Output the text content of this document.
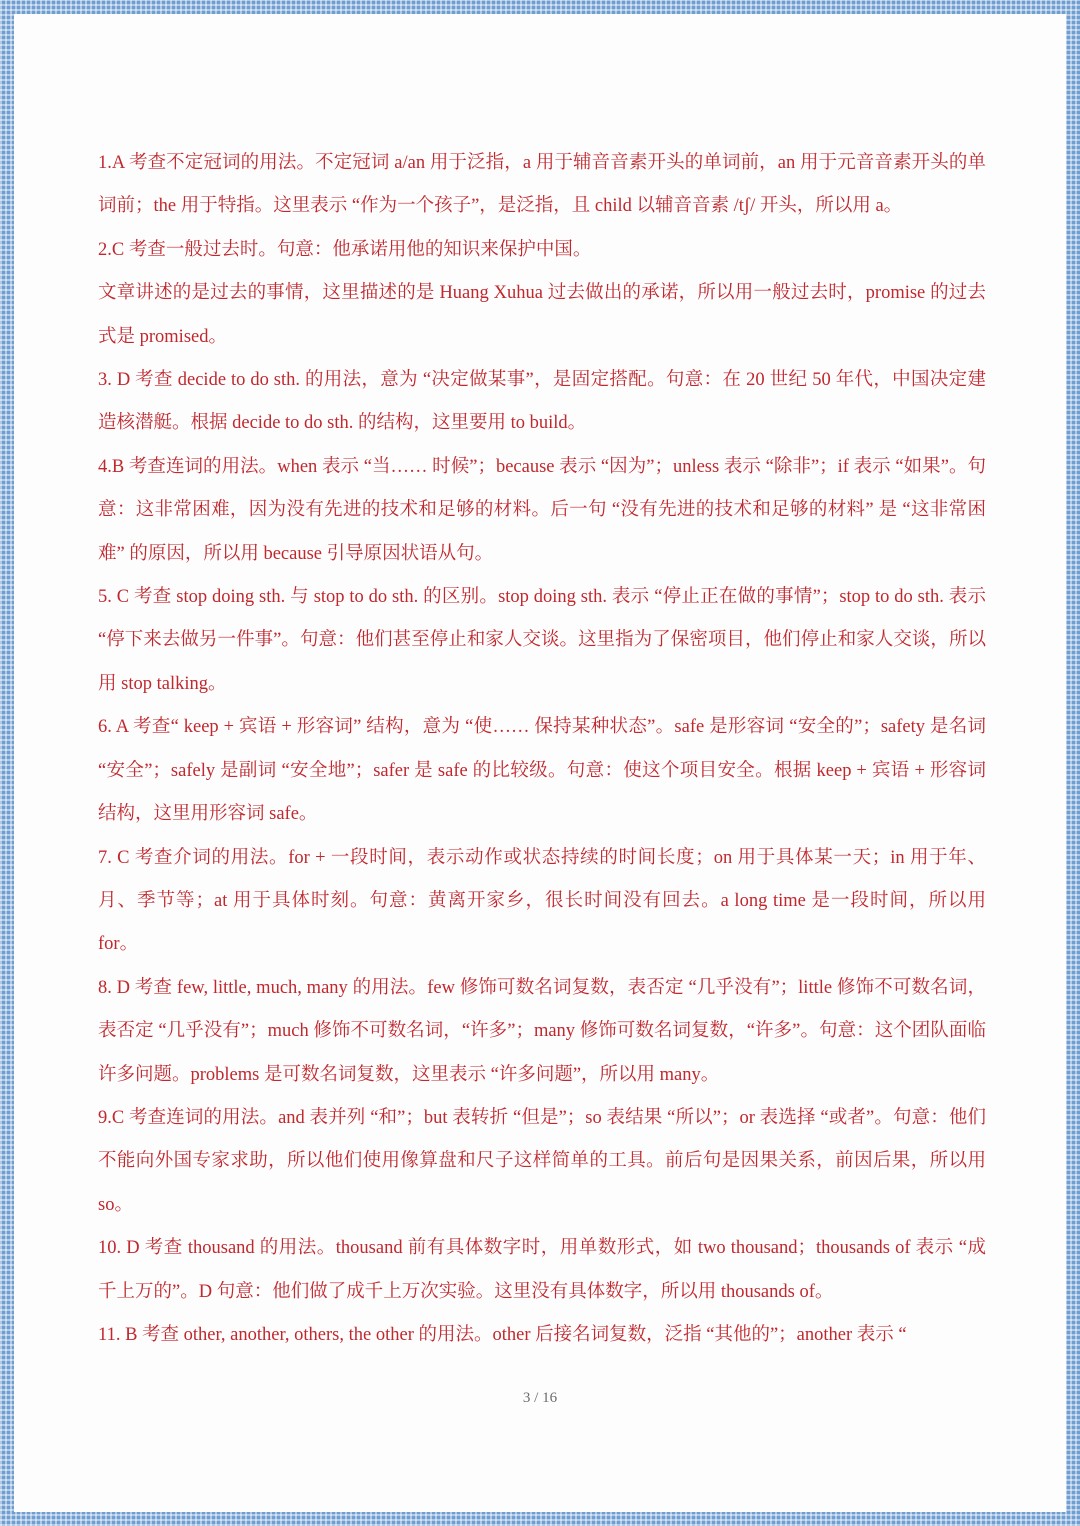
1.A 考查不定冠词的用法。不定冠词 a/an 用于泛指，a 用于辅音音素开头的单词前，an 用于元音音素开头的单词前；the 用于特指。这里表示 “作为一个孩子”，是泛指，且 child 以辅音音素 /tʃ/ 开头，所以用 a。

2.C 考查一般过去时。句意：他承诺用他的知识来保护中国。

文章讲述的是过去的事情，这里描述的是 Huang Xuhua 过去做出的承诺，所以用一般过去时，promise 的过去式是 promised。

3. D 考查 decide to do sth. 的用法，意为 “决定做某事”，是固定搭配。句意：在 20 世纪 50 年代，中国决定建造核潜艇。根据 decide to do sth. 的结构，这里要用 to build。

4.B 考查连词的用法。when 表示 “当…… 时候”；because 表示 “因为”；unless 表示 “除非”；if 表示 “如果”。句意：这非常困难，因为没有先进的技术和足够的材料。后一句 “没有先进的技术和足够的材料” 是 “这非常困难” 的原因，所以用 because 引导原因状语从句。

5. C 考查 stop doing sth. 与 stop to do sth. 的区别。stop doing sth. 表示 “停止正在做的事情”；stop to do sth. 表示 “停下来去做另一件事”。句意：他们甚至停止和家人交谈。这里指为了保密项目，他们停止和家人交谈，所以用 stop talking。

6. A 考查“ keep + 宾语 + 形容词” 结构，意为 “使…… 保持某种状态”。safe 是形容词 “安全的”；safety 是名词 “安全”；safely 是副词 “安全地”；safer 是 safe 的比较级。句意：使这个项目安全。根据 keep + 宾语 + 形容词结构，这里用形容词 safe。

7. C 考查介词的用法。for + 一段时间，表示动作或状态持续的时间长度；on 用于具体某一天；in 用于年、月、季节等；at 用于具体时刻。句意：黄离开家乡，很长时间没有回去。a long time 是一段时间，所以用 for。

8. D 考查 few, little, much, many 的用法。few 修饰可数名词复数，表否定 “几乎没有”；little 修饰不可数名词，表否定 “几乎没有”；much 修饰不可数名词，“许多”；many 修饰可数名词复数，“许多”。句意：这个团队面临许多问题。problems 是可数名词复数，这里表示 “许多问题”，所以用 many。

9.C 考查连词的用法。and 表并列 “和”；but 表转折 “但是”；so 表结果 “所以”；or 表选择 “或者”。句意：他们不能向外国专家求助，所以他们使用像算盘和尺子这样简单的工具。前后句是因果关系，前因后果，所以用 so。

10. D 考查 thousand 的用法。thousand 前有具体数字时，用单数形式，如 two thousand；thousands of 表示 “成千上万的”。D 句意：他们做了成千上万次实验。这里没有具体数字，所以用 thousands of。

11. B 考查 other, another, others, the other 的用法。other 后接名词复数，泛指 “其他的”；another 表示 “

3 / 16
